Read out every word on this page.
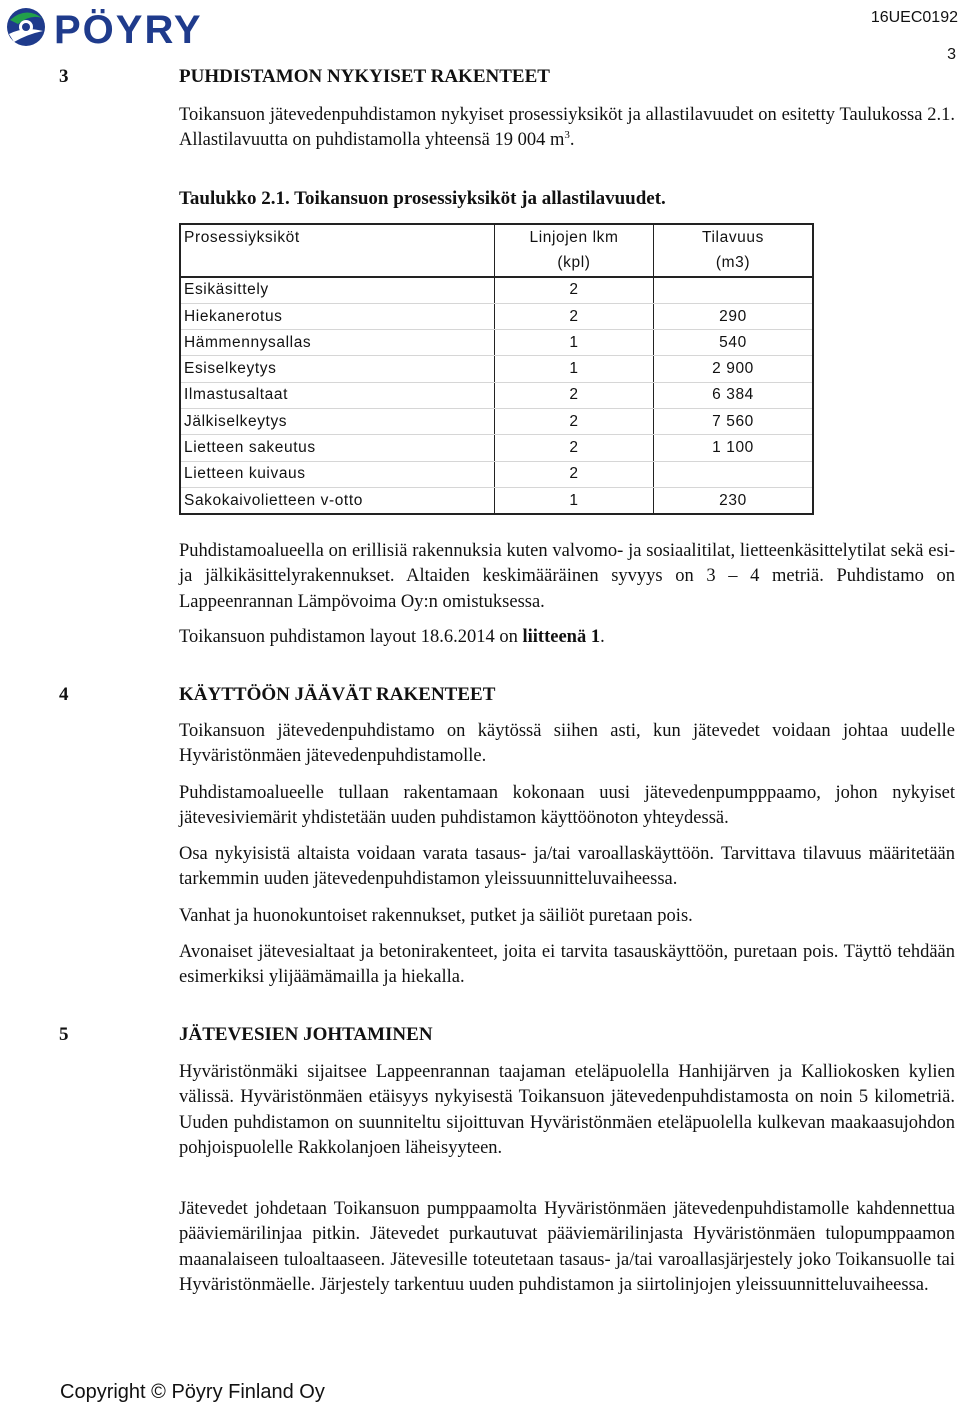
PÖYRY	16UEC0192
3
3	PUHDISTAMON NYKYISET RAKENTEET

Toikansuon jätevedenpuhdistamon nykyiset prosessiyksiköt ja allastilavuudet on esitetty Taulukossa 2.1. Allastilavuutta on puhdistamolla yhteensä 19 004 $m^3$.

Taulukko 2.1. Toikansuon prosessiyksiköt ja allastilavuudet.
Prosessiyksiköt	Linjojen lkm	Tilavuus
	(kpl)	(m3)
Esikäsittely	2	
Hiekanerotus	2	290
Hämmennysallas	1	540
Esiselkeytys	1	2 900
Ilmastusaltaat	2	6 384
Jälkiselkeytys	2	7 560
Lietteen sakeutus	2	1 100
Lietteen kuivaus	2	
Sakokaivolietteen v-otto	1	230

Puhdistamoalueella on erillisiä rakennuksia kuten valvomo- ja sosiaalitilat, lietteenkäsittelytilat sekä esi- ja jälkikäsittelyrakennukset. Altaiden keskimääräinen syvyys on 3 – 4 metriä. Puhdistamo on Lappeenrannan Lämpövoima Oy:n omistuksessa.

Toikansuon puhdistamon layout 18.6.2014 on liitteenä 1.

4	KÄYTTÖÖN JÄÄVÄT RAKENTEET

Toikansuon jätevedenpuhdistamo on käytössä siihen asti, kun jätevedet voidaan johtaa uudelle Hyväristönmäen jätevedenpuhdistamolle.

Puhdistamoalueelle tullaan rakentamaan kokonaan uusi jätevedenpumpppaamo, johon nykyiset jätevesiviemärit yhdistetään uuden puhdistamon käyttöönoton yhteydessä.

Osa nykyisistä altaista voidaan varata tasaus- ja/tai varoallaskäyttöön. Tarvittava tilavuus määritetään tarkemmin uuden jätevedenpuhdistamon yleissuunnitteluvaiheessa.

Vanhat ja huonokuntoiset rakennukset, putket ja säiliöt puretaan pois.

Avonaiset jätevesialtaat ja betonirakenteet, joita ei tarvita tasauskäyttöön, puretaan pois. Täyttö tehdään esimerkiksi ylijäämämailla ja hiekalla.

5	JÄTEVESIEN JOHTAMINEN

Hyväristönmäki sijaitsee Lappeenrannan taajaman eteläpuolella Hanhijärven ja Kalliokosken kylien välissä. Hyväristönmäen etäisyys nykyisestä Toikansuon jätevedenpuhdistamosta on noin 5 kilometriä. Uuden puhdistamon on suunniteltu sijoittuvan Hyväristönmäen eteläpuolella kulkevan maakaasujohdon pohjoispuolelle Rakkolanjoen läheisyyteen.

Jätevedet johdetaan Toikansuon pumppaamolta Hyväristönmäen jätevedenpuhdistamolle kahdennettua pääviemärilinjaa pitkin. Jätevedet purkautuvat pääviemärilinjasta Hyväristönmäen tulopumppaamon maanalaiseen tuloaltaaseen. Jätevesille toteutetaan tasaus- ja/tai varoallasjärjestely joko Toikansuolle tai Hyväristönmäelle. Järjestely tarkentuu uuden puhdistamon ja siirtolinjojen yleissuunnitteluvaiheessa.

Copyright © Pöyry Finland Oy
